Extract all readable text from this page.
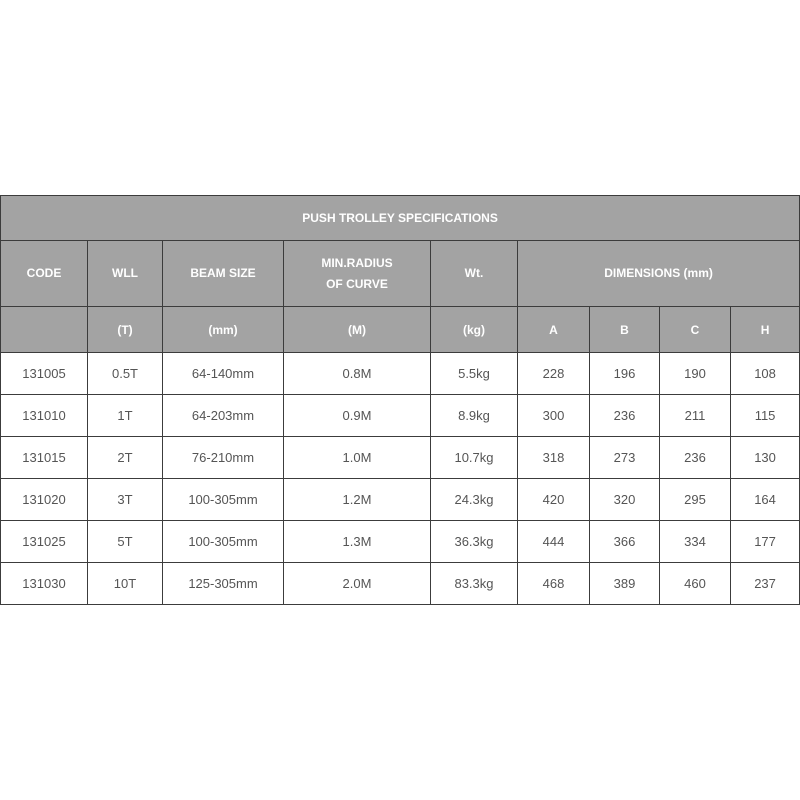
PUSH TROLLEY SPECIFICATIONS								
CODE	WLL	BEAM SIZE	MIN.RADIUS
OF CURVE	Wt.	DIMENSIONS (mm)			
	(T)	(mm)	(M)	(kg)	A	B	C	H
131005	0.5T	64-140mm	0.8M	5.5kg	228	196	190	108
131010	1T	64-203mm	0.9M	8.9kg	300	236	211	115
131015	2T	76-210mm	1.0M	10.7kg	318	273	236	130
131020	3T	100-305mm	1.2M	24.3kg	420	320	295	164
131025	5T	100-305mm	1.3M	36.3kg	444	366	334	177
131030	10T	125-305mm	2.0M	83.3kg	468	389	460	237
